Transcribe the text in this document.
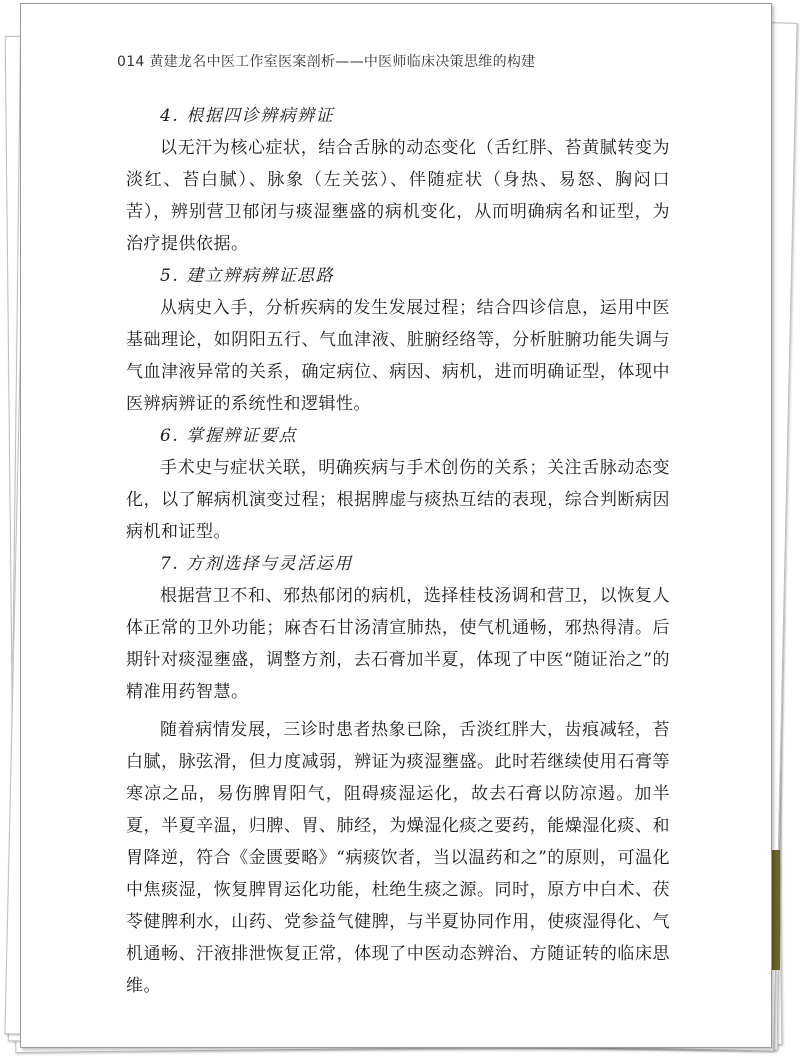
014 黄建龙名中医工作室医案剖析——中医师临床决策思维的构建

4. 根据四诊辨病辨证

以无汗为核心症状，结合舌脉的动态变化（舌红胖、苔黄腻转变为淡红、苔白腻）、脉象（左关弦）、伴随症状（身热、易怒、胸闷口苦），辨别营卫郁闭与痰湿壅盛的病机变化，从而明确病名和证型，为治疗提供依据。

5. 建立辨病辨证思路

从病史入手，分析疾病的发生发展过程；结合四诊信息，运用中医基础理论，如阴阳五行、气血津液、脏腑经络等，分析脏腑功能失调与气血津液异常的关系，确定病位、病因、病机，进而明确证型，体现中医辨病辨证的系统性和逻辑性。

6. 掌握辨证要点

手术史与症状关联，明确疾病与手术创伤的关系；关注舌脉动态变化，以了解病机演变过程；根据脾虚与痰热互结的表现，综合判断病因病机和证型。

7. 方剂选择与灵活运用

根据营卫不和、邪热郁闭的病机，选择桂枝汤调和营卫，以恢复人体正常的卫外功能；麻杏石甘汤清宣肺热，使气机通畅，邪热得清。后期针对痰湿壅盛，调整方剂，去石膏加半夏，体现了中医“随证治之”的精准用药智慧。

随着病情发展，三诊时患者热象已除，舌淡红胖大，齿痕减轻，苔白腻，脉弦滑，但力度减弱，辨证为痰湿壅盛。此时若继续使用石膏等寒凉之品，易伤脾胃阳气，阻碍痰湿运化，故去石膏以防凉遏。加半夏，半夏辛温，归脾、胃、肺经，为燥湿化痰之要药，能燥湿化痰、和胃降逆，符合《金匮要略》“病痰饮者，当以温药和之”的原则，可温化中焦痰湿，恢复脾胃运化功能，杜绝生痰之源。同时，原方中白术、茯苓健脾利水，山药、党参益气健脾，与半夏协同作用，使痰湿得化、气机通畅、汗液排泄恢复正常，体现了中医动态辨治、方随证转的临床思维。
